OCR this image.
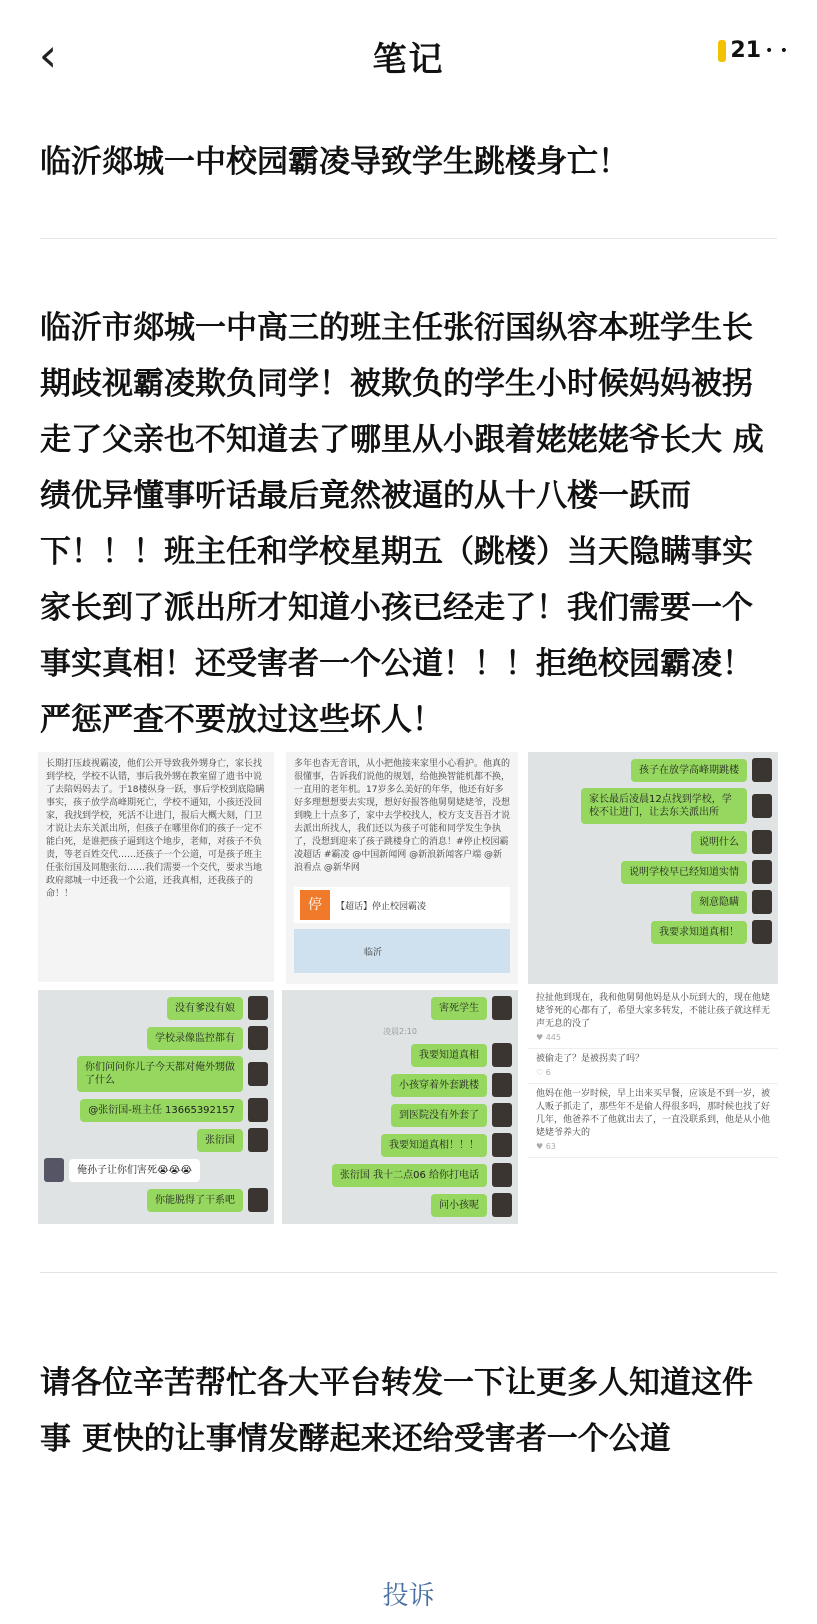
‹	笔记	21 • •
临沂郯城一中校园霸凌导致学生跳楼身亡！
临沂市郯城一中高三的班主任张衍国纵容本班学生长期歧视霸凌欺负同学！被欺负的学生小时候妈妈被拐走了父亲也不知道去了哪里从小跟着姥姥姥爷长大 成绩优异懂事听话最后竟然被逼的从十八楼一跃而下！！！班主任和学校星期五（跳楼）当天隐瞒事实 家长到了派出所才知道小孩已经走了！我们需要一个事实真相！还受害者一个公道！！！拒绝校园霸凌！严惩严查不要放过这些坏人！
长期打压歧视霸凌，他们公开导致我外甥身亡，家长找到学校，学校不认错，事后我外甥在教室留了遗书中说了去陪妈妈去了。于18楼纵身一跃，事后学校到底隐瞒事实，孩子放学高峰期死亡，学校不通知，小孩还没回家，我找到学校，死活不让进门，报后大概大刻，门卫才说让去东关派出所，但孩子在哪里你们的孩子一定不能白死，是谁把孩子逼到这个地步，老师，对孩子不负责，等老百姓交代……还孩子一个公道，可是孩子班主任张衍国及同胞张衍……我们需要一个交代，要求当地政府郯城一中还我一个公道，还我真相，还我孩子的命！！
多年也杳无音讯，从小把他接来家里小心看护。他真的很懂事，告诉我们说他的规划，给他换智能机都不换，一直用的老年机。17岁多么美好的年华，他还有好多好多理想想要去实现，想好好报答他舅舅姥姥爷，没想到晚上十点多了，家中去学校找人，校方支支吾吾才说去派出所找人，我们还以为孩子可能和同学发生争执了，没想到迎来了孩子跳楼身亡的消息！#停止校园霸凌超话 #霸凌 @中国新闻网 @新浪新闻客户端 @新浪看点 @新华网
停	【超话】停止校园霸凌
临沂
孩子在放学高峰期跳楼
家长最后凌晨12点找到学校，学校不让进门，让去东关派出所
说明什么
说明学校早已经知道实情
刻意隐瞒
我要求知道真相！
没有爹没有娘
学校录像监控都有
你们问问你儿子今天都对俺外甥做了什么
@张衍国-班主任 13665392157
张衍国
俺孙子让你们害死😭😭😭
你能脱得了干系吧
害死学生
凌晨2:10
我要知道真相
小孩穿着外套跳楼
到医院没有外套了
我要知道真相！！！
张衍国 我十二点06 给你打电话
问小孩呢
拉扯他到现在，我和他舅舅他妈是从小玩到大的，现在他姥姥爷死的心都有了，希望大家多转发，不能让孩子就这样无声无息的没了
♥ 445
被偷走了？是被拐卖了吗？
♡ 6
他妈在他一岁时候，早上出来买早餐，应该是不到一岁，被人贩子抓走了，那些年不是偷人得很多吗，那时候也找了好几年，他爸养不了他就出去了，一直没联系到，他是从小他姥姥爷养大的
♥ 63
请各位辛苦帮忙各大平台转发一下让更多人知道这件事 更快的让事情发酵起来还给受害者一个公道
投诉
